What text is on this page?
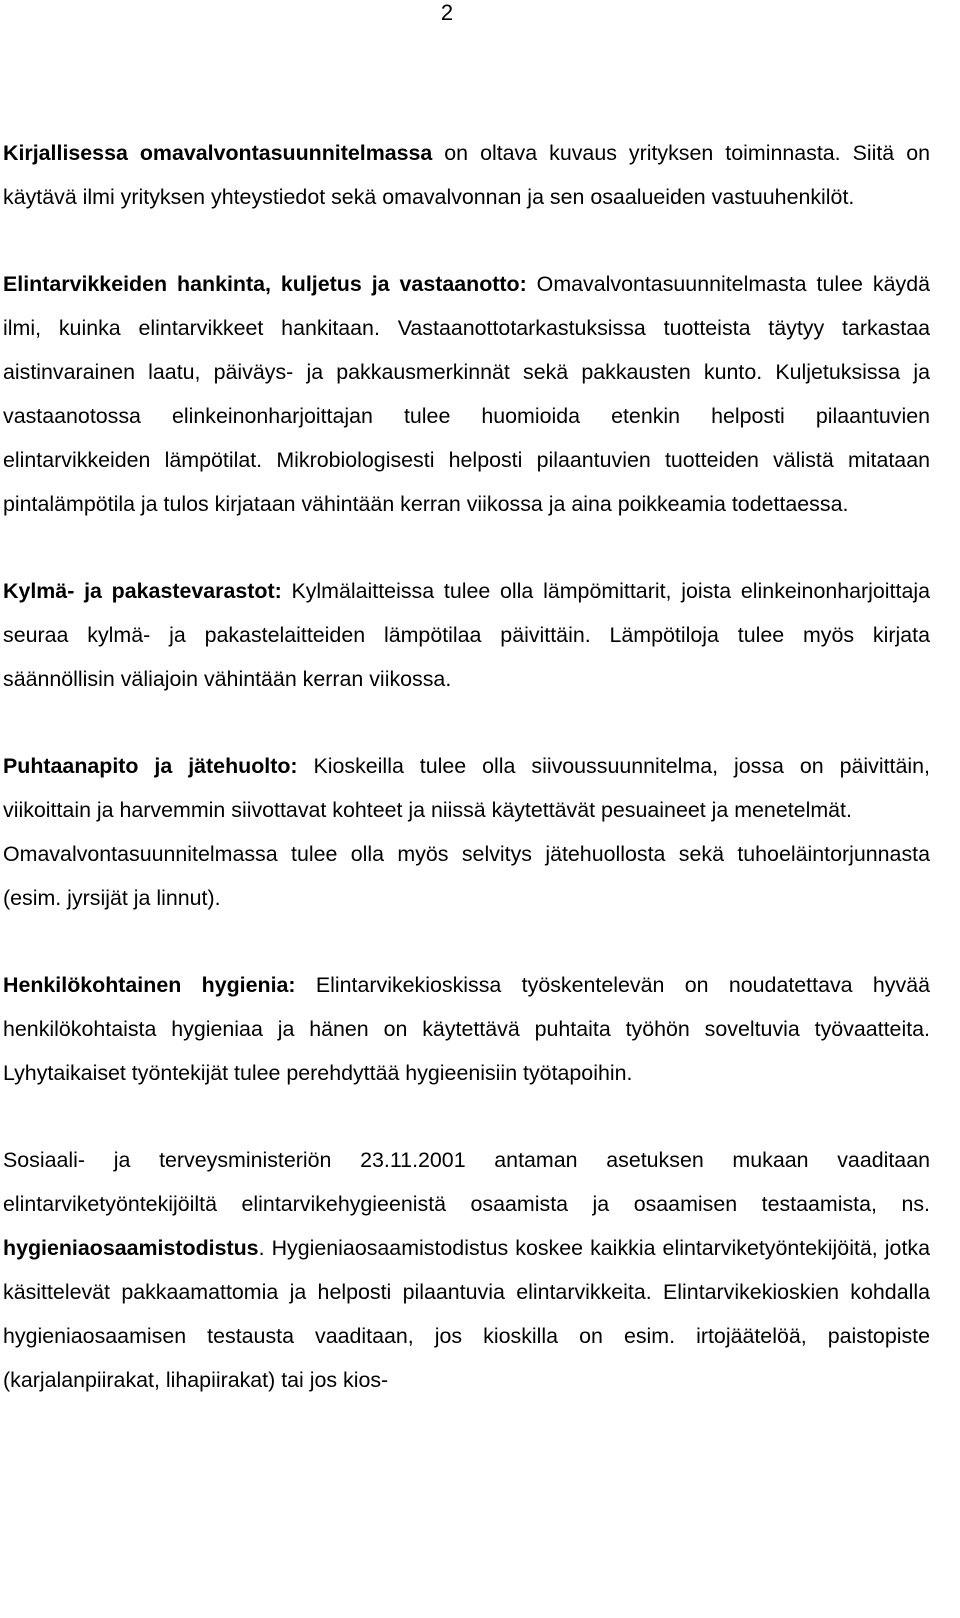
2

Kirjallisessa omavalvontasuunnitelmassa on oltava kuvaus yrityksen toiminnasta. Siitä on käytävä ilmi yrityksen yhteystiedot sekä omavalvonnan ja sen osaalueiden vastuuhenkilöt.

Elintarvikkeiden hankinta, kuljetus ja vastaanotto: Omavalvontasuunnitelmasta tulee käydä ilmi, kuinka elintarvikkeet hankitaan. Vastaanottotarkastuksissa tuotteista täytyy tarkastaa aistinvarainen laatu, päiväys- ja pakkausmerkinnät sekä pakkausten kunto. Kuljetuksissa ja vastaanotossa elinkeinonharjoittajan tulee huomioida etenkin helposti pilaantuvien elintarvikkeiden lämpötilat. Mikrobiologisesti helposti pilaantuvien tuotteiden välistä mitataan pintalämpötila ja tulos kirjataan vähintään kerran viikossa ja aina poikkeamia todettaessa.

Kylmä- ja pakastevarastot: Kylmälaitteissa tulee olla lämpömittarit, joista elinkeinonharjoittaja seuraa kylmä- ja pakastelaitteiden lämpötilaa päivittäin. Lämpötiloja tulee myös kirjata säännöllisin väliajoin vähintään kerran viikossa.

Puhtaanapito ja jätehuolto: Kioskeilla tulee olla siivoussuunnitelma, jossa on päivittäin, viikoittain ja harvemmin siivottavat kohteet ja niissä käytettävät pesuaineet ja menetelmät.

Omavalvontasuunnitelmassa tulee olla myös selvitys jätehuollosta sekä tuhoeläintorjunnasta (esim. jyrsijät ja linnut).

Henkilökohtainen hygienia: Elintarvikekioskissa työskentelevän on noudatettava hyvää henkilökohtaista hygieniaa ja hänen on käytettävä puhtaita työhön soveltuvia työvaatteita. Lyhytaikaiset työntekijät tulee perehdyttää hygieenisiin työtapoihin.

Sosiaali- ja terveysministeriön 23.11.2001 antaman asetuksen mukaan vaaditaan elintarviketyöntekijöiltä elintarvikehygieenistä osaamista ja osaamisen testaamista, ns. hygieniaosaamistodistus. Hygieniaosaamistodistus koskee kaikkia elintarviketyöntekijöitä, jotka käsittelevät pakkaamattomia ja helposti pilaantuvia elintarvikkeita. Elintarvikekioskien kohdalla hygieniaosaamisen testausta vaaditaan, jos kioskilla on esim. irtojäätelöä, paistopiste (karjalanpiirakat, lihapiirakat) tai jos kios-
